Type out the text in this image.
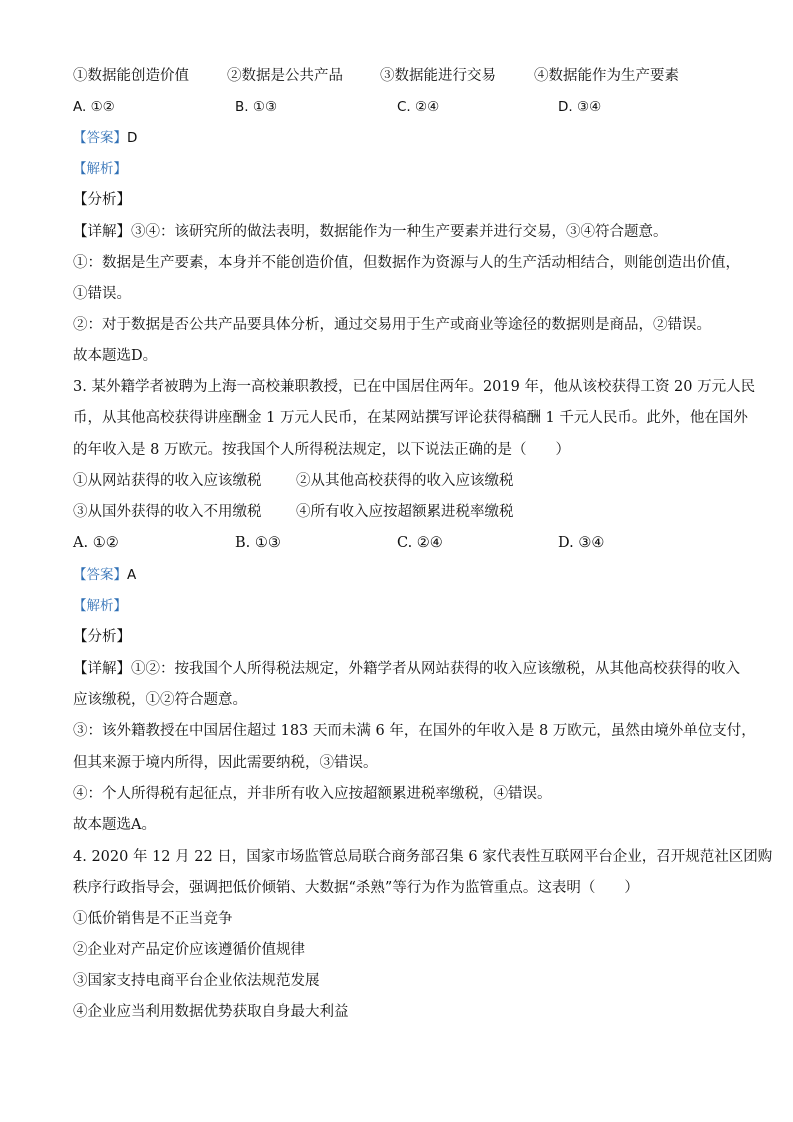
①数据能创造价值	②数据是公共产品	③数据能进行交易	④数据能作为生产要素
A. ①②	B. ①③	C. ②④	D. ③④
【答案】D
【解析】
【分析】
【详解】③④：该研究所的做法表明，数据能作为一种生产要素并进行交易，③④符合题意。
①：数据是生产要素，本身并不能创造价值，但数据作为资源与人的生产活动相结合，则能创造出价值，
①错误。
②：对于数据是否公共产品要具体分析，通过交易用于生产或商业等途径的数据则是商品，②错误。
故本题选D。
3. 某外籍学者被聘为上海一高校兼职教授，已在中国居住两年。2019 年，他从该校获得工资 20 万元人民
币，从其他高校获得讲座酬金 1 万元人民币，在某网站撰写评论获得稿酬 1 千元人民币。此外，他在国外
的年收入是 8 万欧元。按我国个人所得税法规定，以下说法正确的是（　　）
①从网站获得的收入应该缴税 ②从其他高校获得的收入应该缴税
③从国外获得的收入不用缴税 ④所有收入应按超额累进税率缴税
A. ①②	B. ①③	C. ②④	D. ③④
【答案】A
【解析】
【分析】
【详解】①②：按我国个人所得税法规定，外籍学者从网站获得的收入应该缴税，从其他高校获得的收入
应该缴税，①②符合题意。
③：该外籍教授在中国居住超过 183 天而未满 6 年，在国外的年收入是 8 万欧元，虽然由境外单位支付，
但其来源于境内所得，因此需要纳税，③错误。
④：个人所得税有起征点，并非所有收入应按超额累进税率缴税，④错误。
故本题选A。
4. 2020 年 12 月 22 日，国家市场监管总局联合商务部召集 6 家代表性互联网平台企业，召开规范社区团购
秩序行政指导会，强调把低价倾销、大数据“杀熟”等行为作为监管重点。这表明（　　）
①低价销售是不正当竞争
②企业对产品定价应该遵循价值规律
③国家支持电商平台企业依法规范发展
④企业应当利用数据优势获取自身最大利益
